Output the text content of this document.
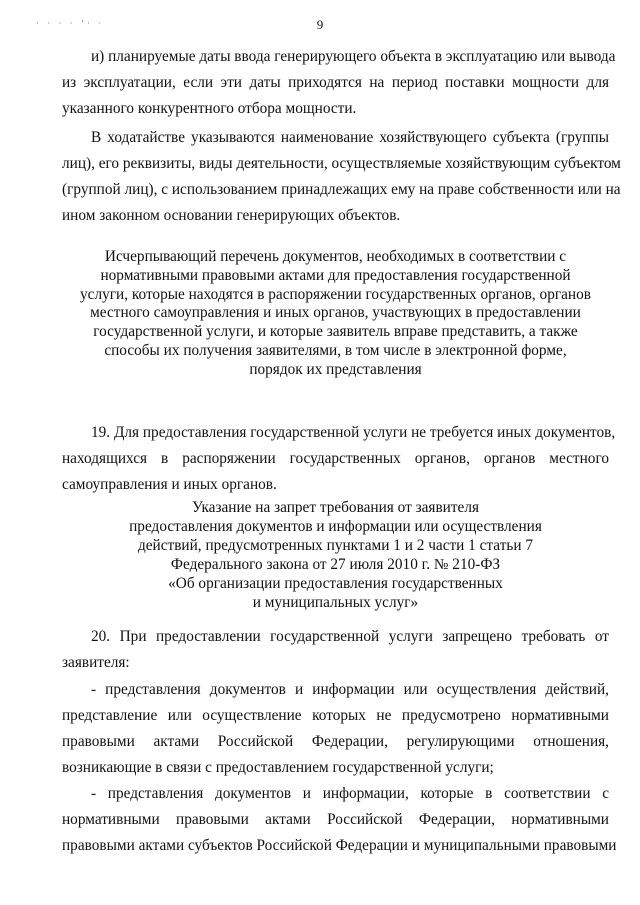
· · · · ‘· ·	9
и) планируемые даты ввода генерирующего объекта в эксплуатацию или вывода
из эксплуатации, если эти даты приходятся на период поставки мощности для
указанного конкурентного отбора мощности.
В ходатайстве указываются наименование хозяйствующего субъекта (группы
лиц), его реквизиты, виды деятельности, осуществляемые хозяйствующим субъектом
(группой лиц), с использованием принадлежащих ему на праве собственности или на
ином законном основании генерирующих объектов.
Исчерпывающий перечень документов, необходимых в соответствии с
нормативными правовыми актами для предоставления государственной
услуги, которые находятся в распоряжении государственных органов, органов
местного самоуправления и иных органов, участвующих в предоставлении
государственной услуги, и которые заявитель вправе представить, а также
способы их получения заявителями, в том числе в электронной форме,
порядок их представления
19. Для предоставления государственной услуги не требуется иных документов,
находящихся в распоряжении государственных органов, органов местного
самоуправления и иных органов.
Указание на запрет требования от заявителя
предоставления документов и информации или осуществления
действий, предусмотренных пунктами 1 и 2 части 1 статьи 7
Федерального закона от 27 июля 2010 г. № 210-ФЗ
«Об организации предоставления государственных
и муниципальных услуг»
20. При предоставлении государственной услуги запрещено требовать от
заявителя:
- представления документов и информации или осуществления действий,
представление или осуществление которых не предусмотрено нормативными
правовыми актами Российской Федерации, регулирующими отношения,
возникающие в связи с предоставлением государственной услуги;
- представления документов и информации, которые в соответствии с
нормативными правовыми актами Российской Федерации, нормативными
правовыми актами субъектов Российской Федерации и муниципальными правовыми
